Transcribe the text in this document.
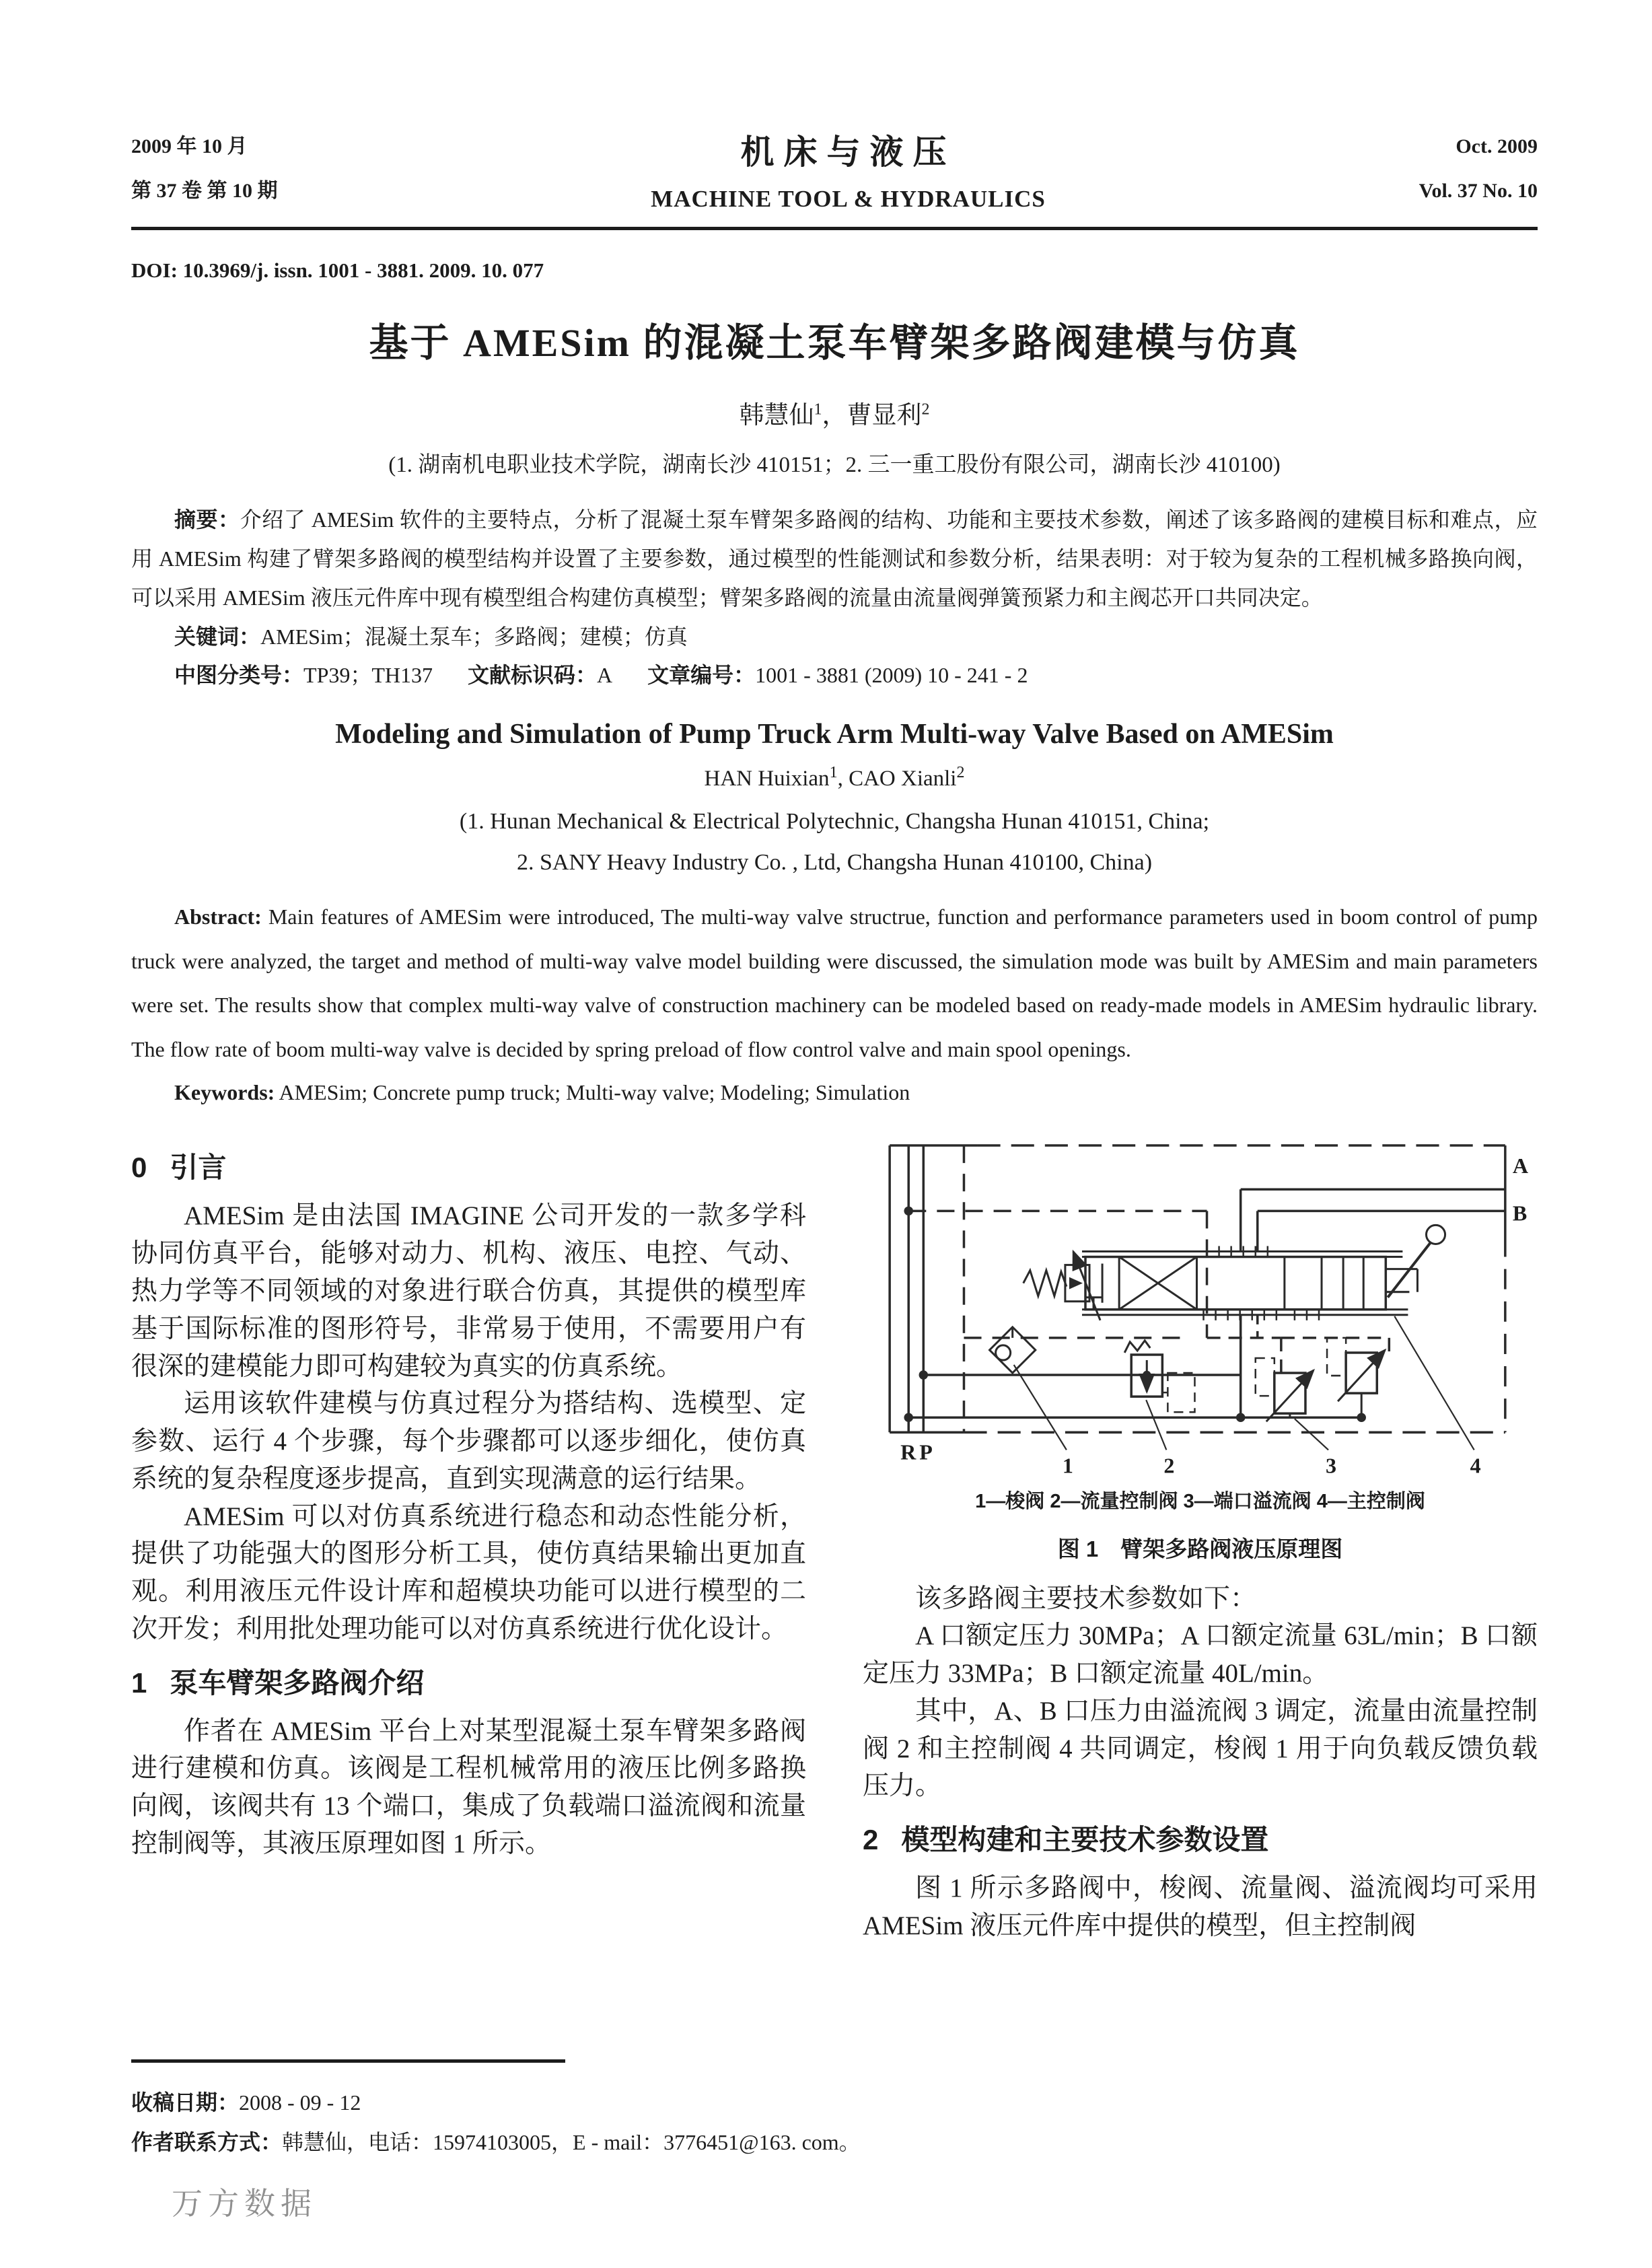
2009 年 10 月
第 37 卷 第 10 期
机床与液压
MACHINE TOOL & HYDRAULICS
Oct. 2009
Vol. 37 No. 10
DOI: 10.3969/j. issn. 1001 - 3881. 2009. 10. 077
基于 AMESim 的混凝土泵车臂架多路阀建模与仿真
韩慧仙$^1$，曹显利$^2$
(1. 湖南机电职业技术学院，湖南长沙 410151；2. 三一重工股份有限公司，湖南长沙 410100)

摘要：介绍了 AMESim 软件的主要特点，分析了混凝土泵车臂架多路阀的结构、功能和主要技术参数，阐述了该多路阀的建模目标和难点，应用 AMESim 构建了臂架多路阀的模型结构并设置了主要参数，通过模型的性能测试和参数分析，结果表明：对于较为复杂的工程机械多路换向阀，可以采用 AMESim 液压元件库中现有模型组合构建仿真模型；臂架多路阀的流量由流量阀弹簧预紧力和主阀芯开口共同决定。

关键词：AMESim；混凝土泵车；多路阀；建模；仿真

中图分类号：TP39；TH137 文献标识码：A 文章编号：1001 - 3881 (2009) 10 - 241 - 2

Modeling and Simulation of Pump Truck Arm Multi-way Valve Based on AMESim
HAN Huixian$^1$, CAO Xianli$^2$
(1. Hunan Mechanical & Electrical Polytechnic, Changsha Hunan 410151, China;
2. SANY Heavy Industry Co. , Ltd, Changsha Hunan 410100, China)

Abstract: Main features of AMESim were introduced, The multi-way valve structrue, function and performance parameters used in boom control of pump truck were analyzed, the target and method of multi-way valve model building were discussed, the simulation mode was built by AMESim and main parameters were set. The results show that complex multi-way valve of construction machinery can be modeled based on ready-made models in AMESim hydraulic library. The flow rate of boom multi-way valve is decided by spring preload of flow control valve and main spool openings.

Keywords: AMESim; Concrete pump truck; Multi-way valve; Modeling; Simulation

0 引言

AMESim 是由法国 IMAGINE 公司开发的一款多学科协同仿真平台，能够对动力、机构、液压、电控、气动、热力学等不同领域的对象进行联合仿真，其提供的模型库基于国际标准的图形符号，非常易于使用，不需要用户有很深的建模能力即可构建较为真实的仿真系统。

运用该软件建模与仿真过程分为搭结构、选模型、定参数、运行 4 个步骤，每个步骤都可以逐步细化，使仿真系统的复杂程度逐步提高，直到实现满意的运行结果。

AMESim 可以对仿真系统进行稳态和动态性能分析，提供了功能强大的图形分析工具，使仿真结果输出更加直观。利用液压元件设计库和超模块功能可以进行模型的二次开发；利用批处理功能可以对仿真系统进行优化设计。

1 泵车臂架多路阀介绍

作者在 AMESim 平台上对某型混凝土泵车臂架多路阀进行建模和仿真。该阀是工程机械常用的液压比例多路换向阀，该阀共有 13 个端口，集成了负载端口溢流阀和流量控制阀等，其液压原理如图 1 所示。

A
B
R P
1	2	3	4
1—梭阀 2—流量控制阀 3—端口溢流阀 4—主控制阀
图 1　臂架多路阀液压原理图

该多路阀主要技术参数如下：

A 口额定压力 30MPa；A 口额定流量 63L/min；B 口额定压力 33MPa；B 口额定流量 40L/min。

其中，A、B 口压力由溢流阀 3 调定，流量由流量控制阀 2 和主控制阀 4 共同调定，梭阀 1 用于向负载反馈负载压力。

2 模型构建和主要技术参数设置

图 1 所示多路阀中，梭阀、流量阀、溢流阀均可采用 AMESim 液压元件库中提供的模型，但主控制阀

收稿日期：2008 - 09 - 12

作者联系方式：韩慧仙，电话：15974103005，E - mail：3776451@163. com。

万方数据
